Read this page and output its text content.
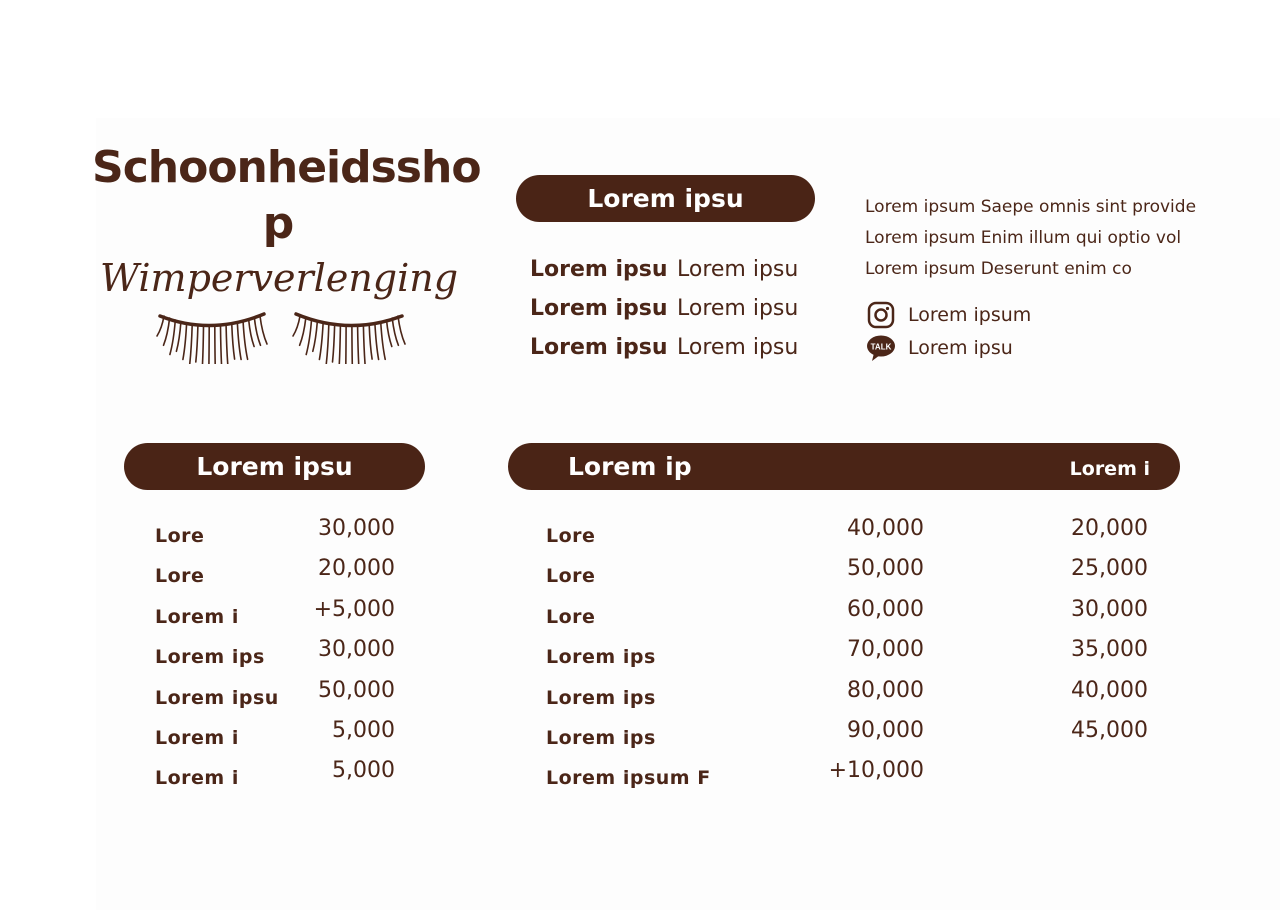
Schoonheidssho
p
Wimperverlenging
Lorem ipsu
Lorem ipsu Lorem ipsu
Lorem ipsu Lorem ipsu
Lorem ipsu Lorem ipsu
Lorem ipsum Saepe omnis sint provide
Lorem ipsum Enim illum qui optio vol
Lorem ipsum Deserunt enim co
Lorem ipsum
TALK Lorem ipsu
Lorem ipsu
Lore	30,000
Lore	20,000
Lorem i	+5,000
Lorem ips 30,000
Lorem ipsu 50,000
Lorem i	5,000
Lorem i	5,000
Lorem ip	Lorem i
Lore	40,000	20,000
Lore	50,000	25,000
Lore	60,000	30,000
Lorem ips	70,000	35,000
Lorem ips	80,000	40,000
Lorem ips	90,000	45,000
Lorem ipsum F	+10,000
